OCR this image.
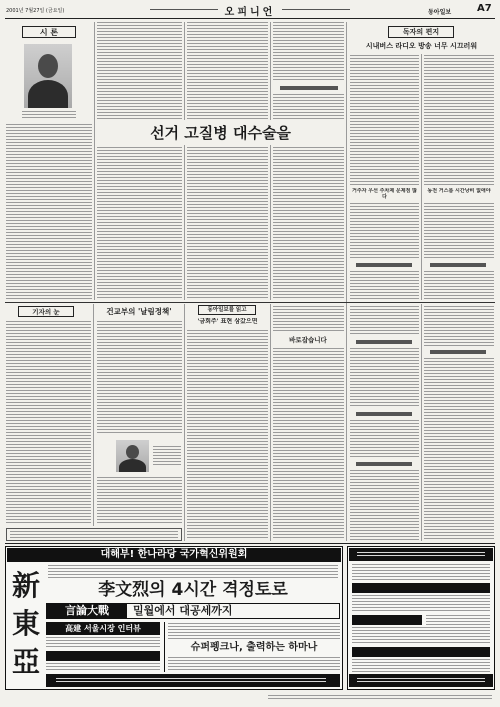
2001년 7월27일 (금요일)	오피니언	동아일보	A7
시 론
선거 고질병 대수술을
독자의 편지
시내버스 라디오 방송 너무 시끄러워
거주자 우선 주차제 문제점 많다
동전 거스름 시간낭비 없애야
기자의 눈	건교부의 '날림정책'	동아일보를 읽고
'금회주' 표현 삼갔으면
바로잡습니다
대해부! 한나라당 국가혁신위원회
新
東
亞
李文烈의 4시간 격정토로
言論大戰	밀월에서 대공세까지
高建 서울시장 인터뷰
슈퍼펭크나, 출력하는 하마나
